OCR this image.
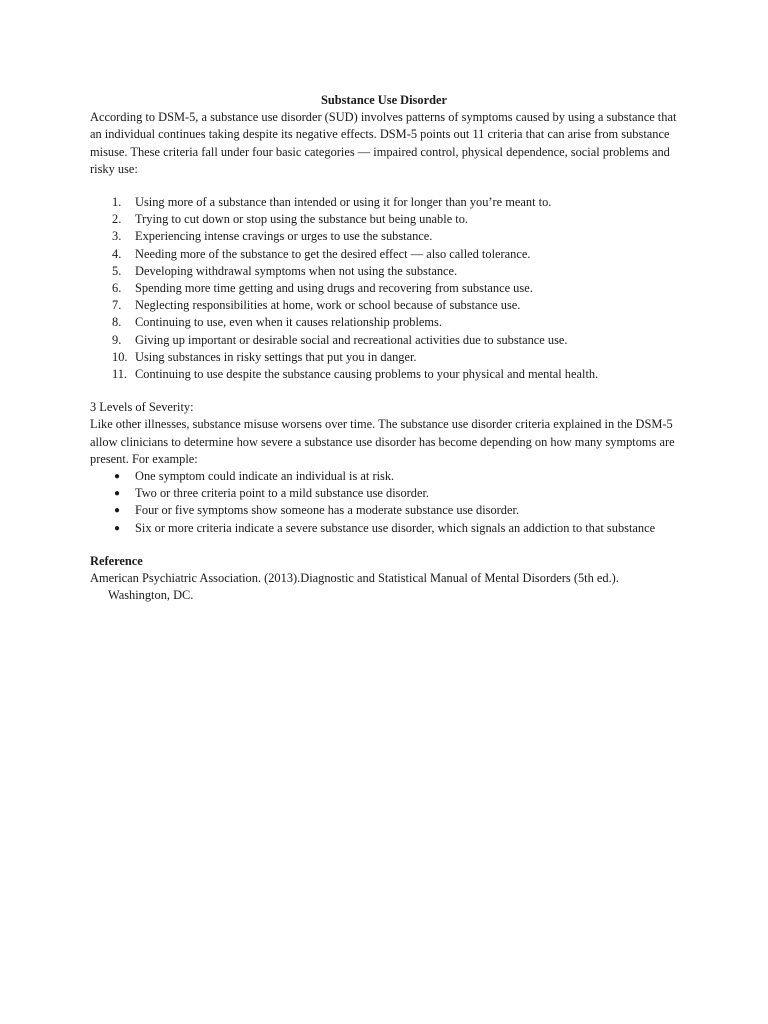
Substance Use Disorder

According to DSM-5, a substance use disorder (SUD) involves patterns of symptoms caused by using a substance that an individual continues taking despite its negative effects. DSM-5 points out 11 criteria that can arise from substance misuse. These criteria fall under four basic categories — impaired control, physical dependence, social problems and risky use:

1.	Using more of a substance than intended or using it for longer than you’re meant to.
2.	Trying to cut down or stop using the substance but being unable to.
3.	Experiencing intense cravings or urges to use the substance.
4.	Needing more of the substance to get the desired effect — also called tolerance.
5.	Developing withdrawal symptoms when not using the substance.
6.	Spending more time getting and using drugs and recovering from substance use.
7.	Neglecting responsibilities at home, work or school because of substance use.
8.	Continuing to use, even when it causes relationship problems.
9.	Giving up important or desirable social and recreational activities due to substance use.
10. Using substances in risky settings that put you in danger.
11. Continuing to use despite the substance causing problems to your physical and mental health.

3 Levels of Severity:

Like other illnesses, substance misuse worsens over time. The substance use disorder criteria explained in the DSM-5 allow clinicians to determine how severe a substance use disorder has become depending on how many symptoms are present. For example:

● One symptom could indicate an individual is at risk.
● Two or three criteria point to a mild substance use disorder.
● Four or five symptoms show someone has a moderate substance use disorder.
● Six or more criteria indicate a severe substance use disorder, which signals an addiction to that substance

Reference

American Psychiatric Association. (2013).Diagnostic and Statistical Manual of Mental Disorders (5th ed.). Washington, DC.
